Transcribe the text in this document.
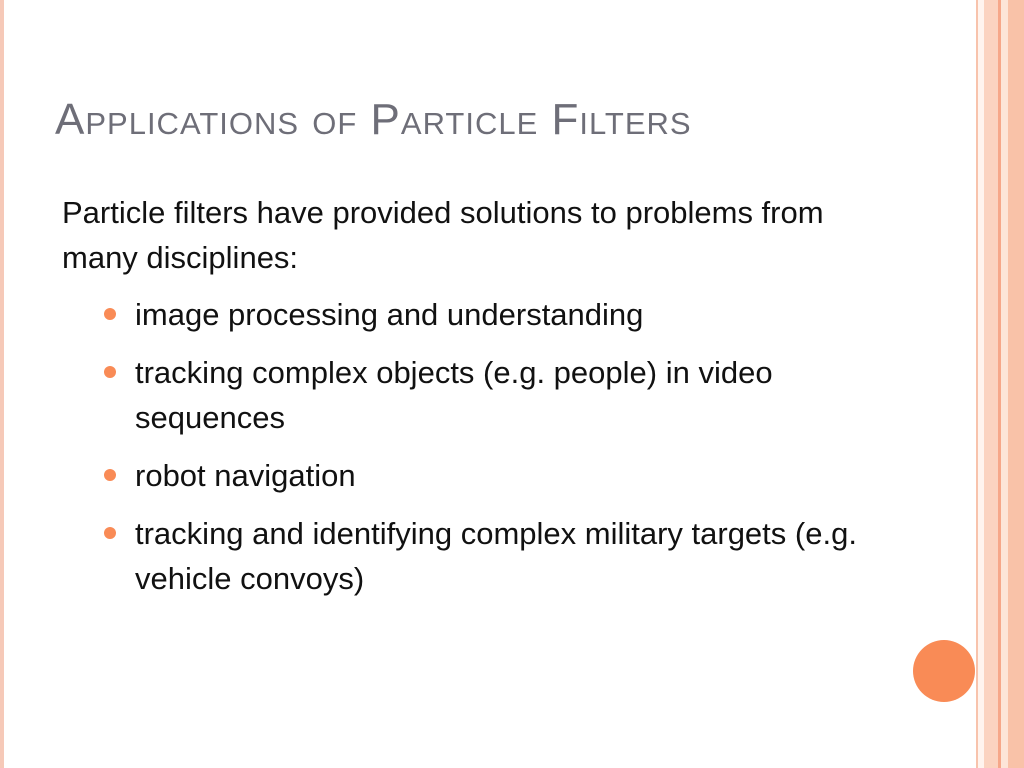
Applications of Particle Filters

Particle filters have provided solutions to problems from many disciplines:

image processing and understanding
tracking complex objects (e.g. people) in video sequences
robot navigation
tracking and identifying complex military targets (e.g. vehicle convoys)
